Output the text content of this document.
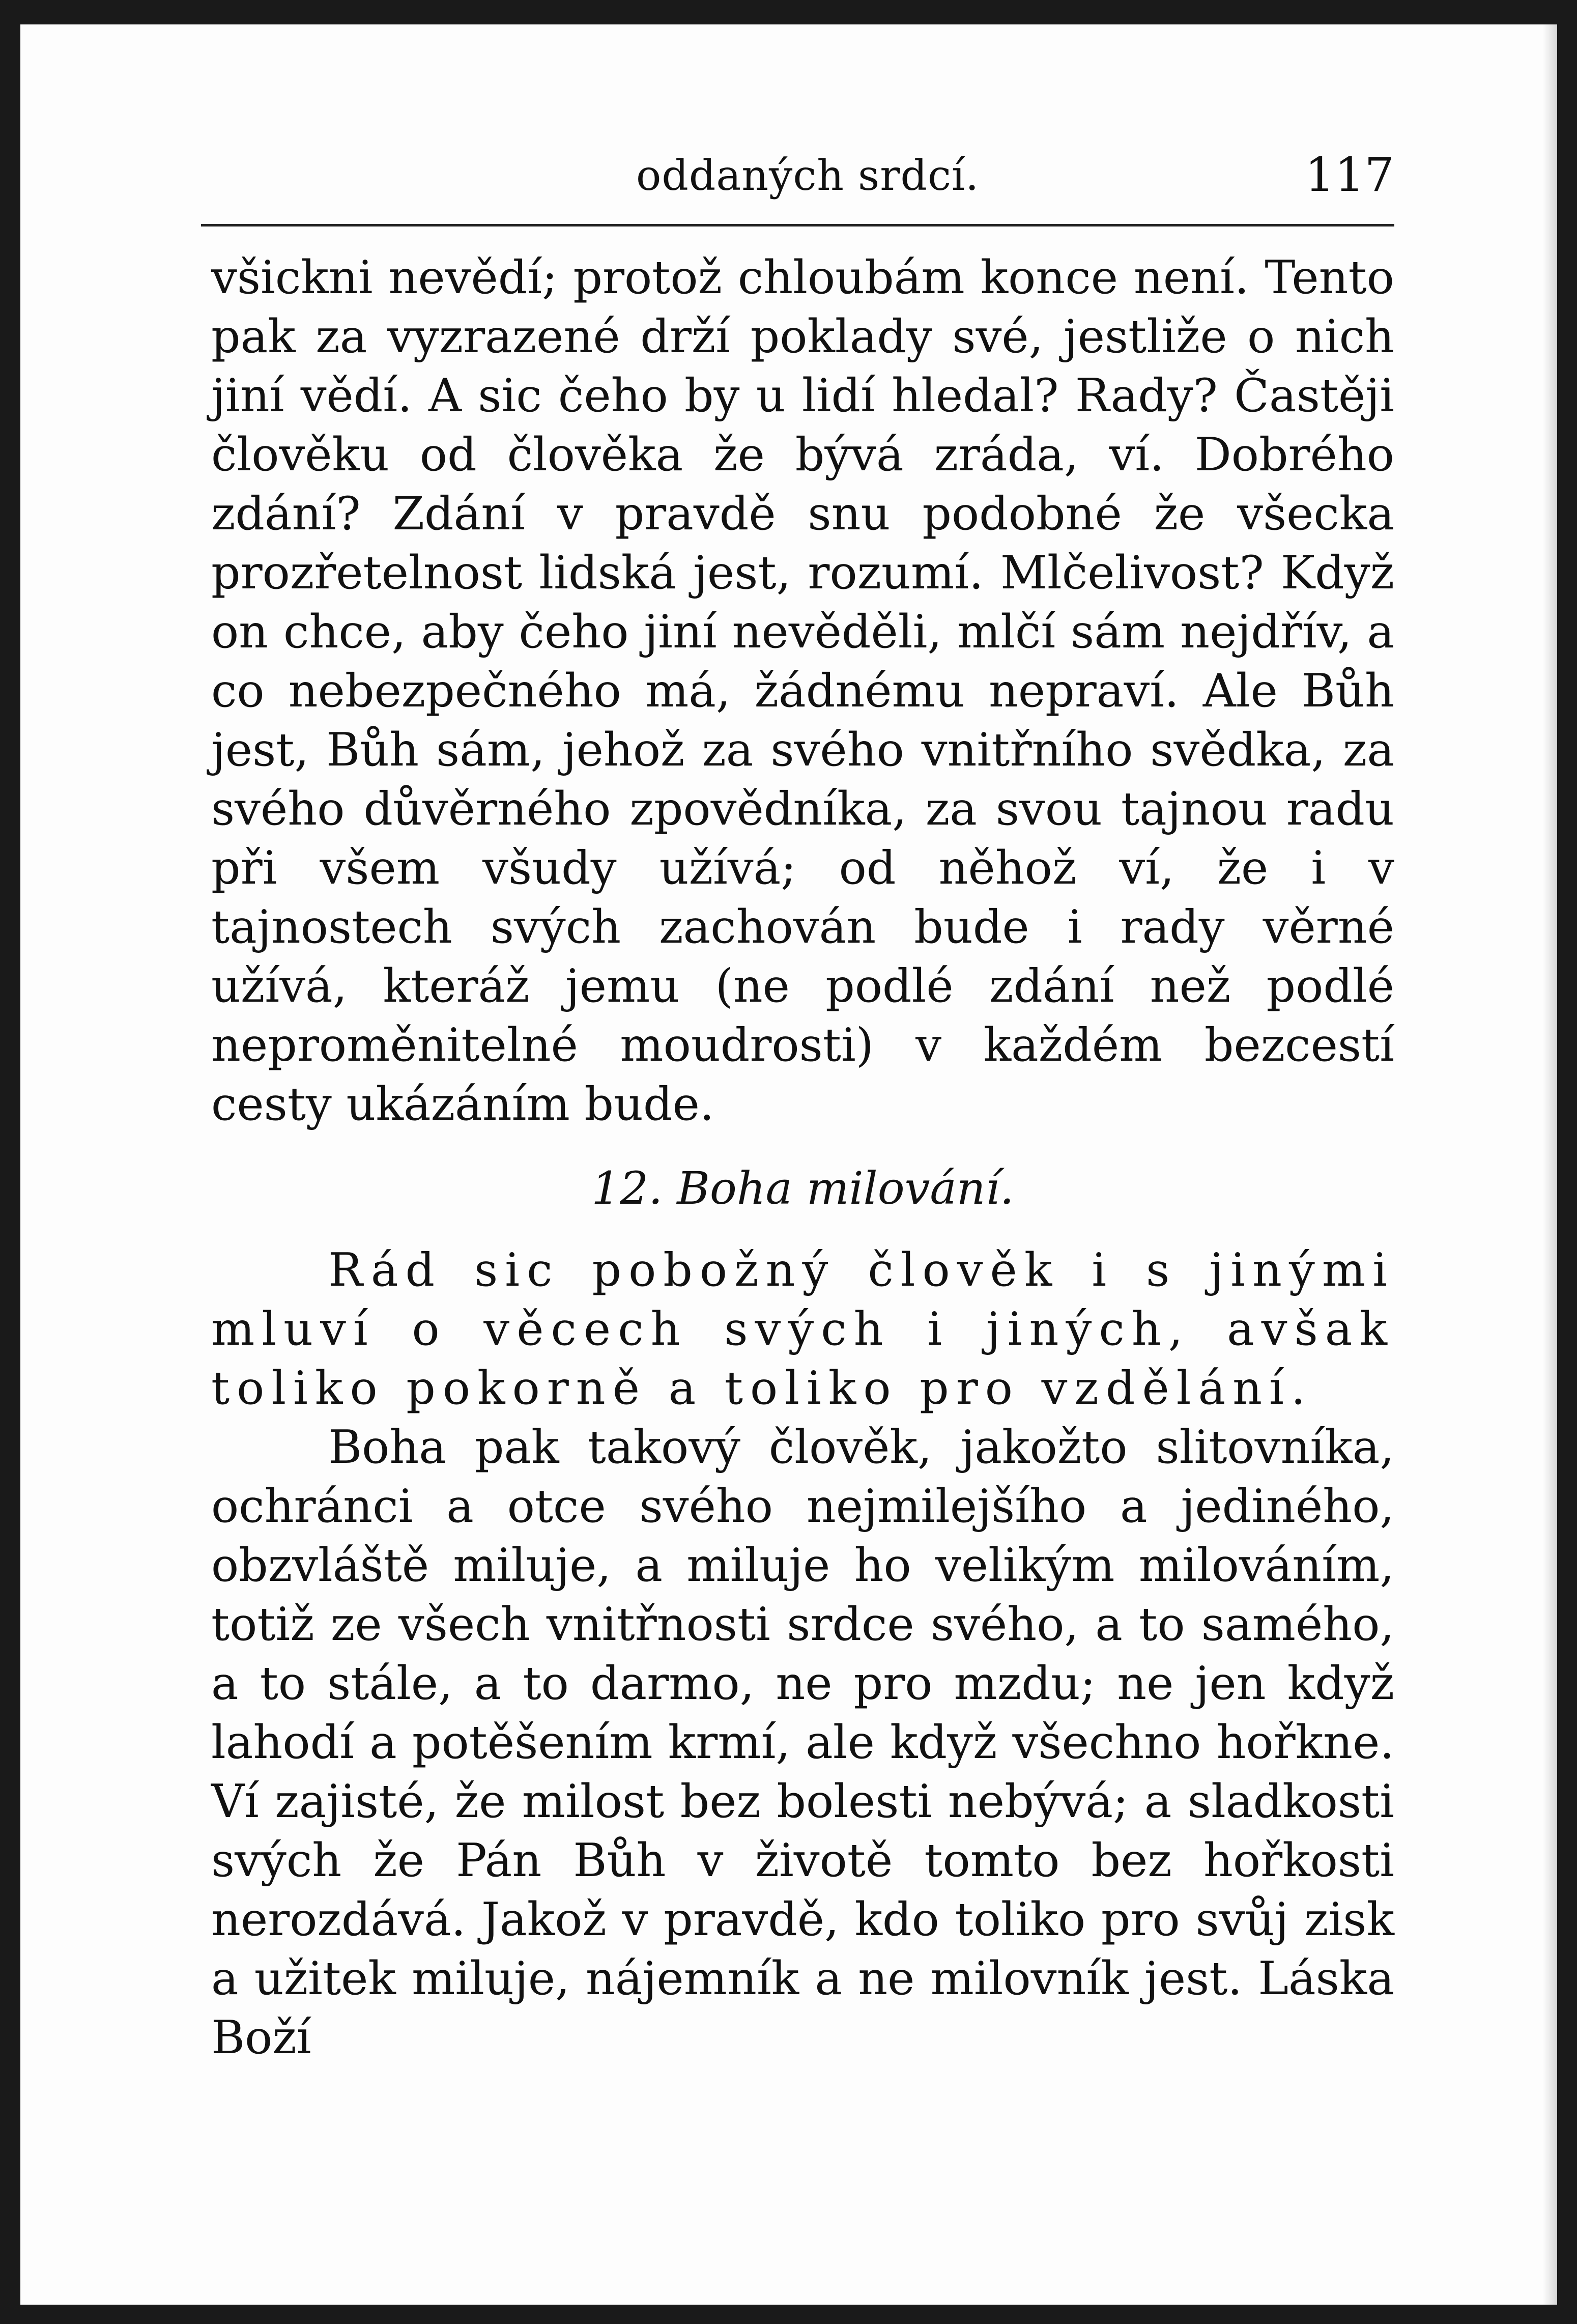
oddaných srdcí.	117

všickni nevědí; protož chloubám konce není. Tento pak za vyzrazené drží poklady své, jestliže o nich jiní vědí. A sic čeho by u lidí hledal? Rady? Častěji člověku od člověka že bývá zráda, ví. Dobrého zdání? Zdání v pravdě snu podobné že všecka prozřetelnost lidská jest, rozumí. Mlčelivost? Když on chce, aby čeho jiní nevěděli, mlčí sám nejdřív, a co nebezpečného má, žádnému nepraví. Ale Bůh jest, Bůh sám, jehož za svého vnitřního svědka, za svého důvěrného zpovědníka, za svou tajnou radu při všem všudy užívá; od něhož ví, že i v tajnostech svých zachován bude i rady věrné užívá, kteráž jemu (ne podlé zdání než podlé neproměnitelné moudrosti) v každém bezcestí cesty ukázáním bude.

12. Boha milování.

Rád sic pobožný člověk i s jinými mluví o věcech svých i jiných, avšak toliko pokorně a toliko pro vzdělání.

Boha pak takový člověk, jakožto slitovníka, ochránci a otce svého nejmilejšího a jediného, obzvláště miluje, a miluje ho velikým milováním, totiž ze všech vnitřnosti srdce svého, a to samého, a to stále, a to darmo, ne pro mzdu; ne jen když lahodí a potěšením krmí, ale když všechno hořkne. Ví zajisté, že milost bez bolesti nebývá; a sladkosti svých že Pán Bůh v životě tomto bez hořkosti nerozdává. Jakož v pravdě, kdo toliko pro svůj zisk a užitek miluje, nájemník a ne milovník jest. Láska Boží
